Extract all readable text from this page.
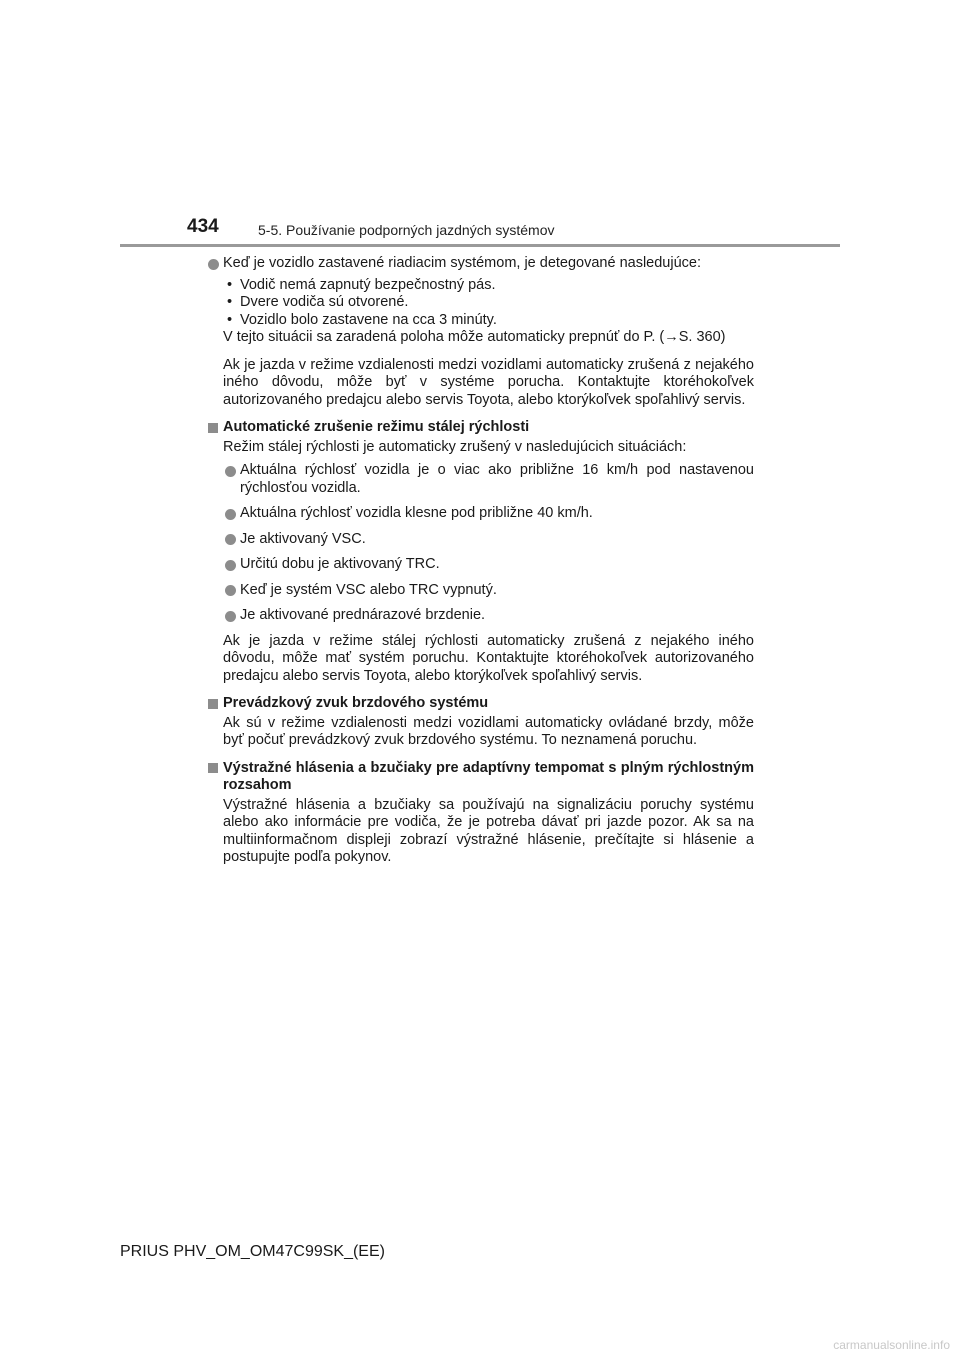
434	5-5. Používanie podporných jazdných systémov
Keď je vozidlo zastavené riadiacim systémom, je detegované nasledujúce:
• Vodič nemá zapnutý bezpečnostný pás.
• Dvere vodiča sú otvorené.
• Vozidlo bolo zastavene na cca 3 minúty.

V tejto situácii sa zaradená poloha môže automaticky prepnúť do P. (→S. 360)

Ak je jazda v režime vzdialenosti medzi vozidlami automaticky zrušená z nejakého iného dôvodu, môže byť v systéme porucha. Kontaktujte ktoréhokoľvek autorizovaného predajcu alebo servis Toyota, alebo ktorýkoľvek spoľahlivý servis.

Automatické zrušenie režimu stálej rýchlosti

Režim stálej rýchlosti je automaticky zrušený v nasledujúcich situáciách:

Aktuálna rýchlosť vozidla je o viac ako približne 16 km/h pod nastavenou rýchlosťou vozidla.
Aktuálna rýchlosť vozidla klesne pod približne 40 km/h.
Je aktivovaný VSC.
Určitú dobu je aktivovaný TRC.
Keď je systém VSC alebo TRC vypnutý.
Je aktivované prednárazové brzdenie.

Ak je jazda v režime stálej rýchlosti automaticky zrušená z nejakého iného dôvodu, môže mať systém poruchu. Kontaktujte ktoréhokoľvek autorizovaného predajcu alebo servis Toyota, alebo ktorýkoľvek spoľahlivý servis.

Prevádzkový zvuk brzdového systému

Ak sú v režime vzdialenosti medzi vozidlami automaticky ovládané brzdy, môže byť počuť prevádzkový zvuk brzdového systému. To neznamená poruchu.

Výstražné hlásenia a bzučiaky pre adaptívny tempomat s plným rýchlostným rozsahom

Výstražné hlásenia a bzučiaky sa používajú na signalizáciu poruchy systému alebo ako informácie pre vodiča, že je potreba dávať pri jazde pozor. Ak sa na multiinformačnom displeji zobrazí výstražné hlásenie, prečítajte si hlásenie a postupujte podľa pokynov.

PRIUS PHV_OM_OM47C99SK_(EE)
carmanualsonline.info
